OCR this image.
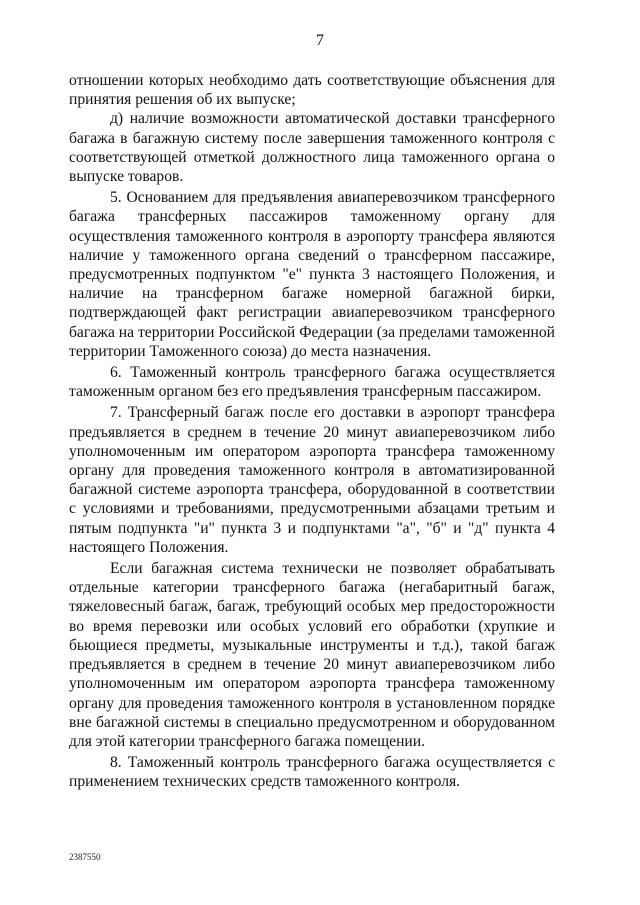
7

отношении которых необходимо дать соответствующие объяснения для принятия решения об их выпуске;

д) наличие возможности автоматической доставки трансферного багажа в багажную систему после завершения таможенного контроля с соответствующей отметкой должностного лица таможенного органа о выпуске товаров.

5. Основанием для предъявления авиаперевозчиком трансферного багажа трансферных пассажиров таможенному органу для осуществления таможенного контроля в аэропорту трансфера являются наличие у таможенного органа сведений о трансферном пассажире, предусмотренных подпунктом "е" пункта 3 настоящего Положения, и наличие на трансферном багаже номерной багажной бирки, подтверждающей факт регистрации авиаперевозчиком трансферного багажа на территории Российской Федерации (за пределами таможенной территории Таможенного союза) до места назначения.

6. Таможенный контроль трансферного багажа осуществляется таможенным органом без его предъявления трансферным пассажиром.

7. Трансферный багаж после его доставки в аэропорт трансфера предъявляется в среднем в течение 20 минут авиаперевозчиком либо уполномоченным им оператором аэропорта трансфера таможенному органу для проведения таможенного контроля в автоматизированной багажной системе аэропорта трансфера, оборудованной в соответствии с условиями и требованиями, предусмотренными абзацами третьим и пятым подпункта "и" пункта 3 и подпунктами "а", "б" и "д" пункта 4 настоящего Положения.

Если багажная система технически не позволяет обрабатывать отдельные категории трансферного багажа (негабаритный багаж, тяжеловесный багаж, багаж, требующий особых мер предосторожности во время перевозки или особых условий его обработки (хрупкие и бьющиеся предметы, музыкальные инструменты и т.д.), такой багаж предъявляется в среднем в течение 20 минут авиаперевозчиком либо уполномоченным им оператором аэропорта трансфера таможенному органу для проведения таможенного контроля в установленном порядке вне багажной системы в специально предусмотренном и оборудованном для этой категории трансферного багажа помещении.

8. Таможенный контроль трансферного багажа осуществляется с применением технических средств таможенного контроля.

2387550
